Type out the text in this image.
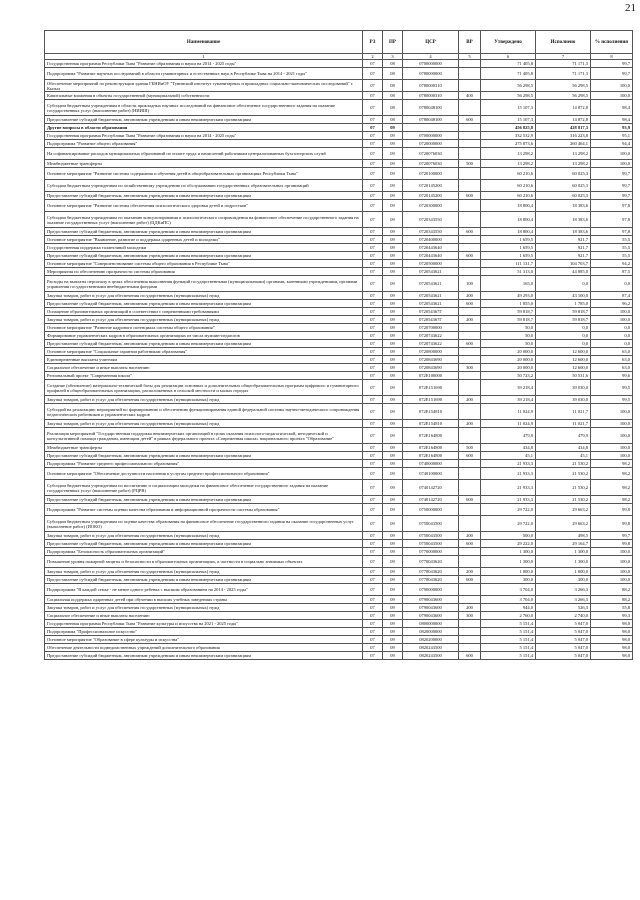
21
Наименование	РЗ	ПР	ЦСР	ВР	Утверждено	Исполнено	% исполнения
1	2	3	4	5	6	7	8
Государственная программа Республики Тыва "Развитие образования и науки на 2014 - 2025 годы"	07	08	0700000000		71 405,8	71 171,3	99,7
Подпрограмма "Развитие научных исследований в области гуманитарных и естественных наук в Республике Тыва на 2014 - 2021 годы"	07	08	0780000000		71 405,8	71 171,3	99,7
Обеспечение мероприятий по реконструкции здания ГБНИиОУ "Тувинский институт гуманитарных и прикладных социально-экономических исследований" г. Кызыл	07	08	0780000310		56 298,5	56 298,5	100,0
Капитальные вложения в объекты государственной (муниципальной) собственности	07	08	0780000310	400	56 298,5	56 298,5	100,0
Субсидии бюджетным учреждениям в области прикладных научных исследований на финансовое обеспечение государственного задания на оказание государственных услуг (выполнение работ) (НИИШ)	07	08	0780048100		15 107,3	14 872,8	98,4
Предоставление субсидий бюджетным, автономным учреждениям и иным некоммерческим организациям	07	08	0780048100	600	15 107,3	14 872,8	98,4
Другие вопросы в области образования	07	09			456 825,8	428 817,3	93,9
Государственная программа Республики Тыва "Развитие образования и науки на 2014 - 2025 годы"	07	09	0700000000		332 532,9	316 223,8	95,1
Подпрограмма "Развитие общего образования"	07	09	0720000000		275 873,6	260 464,1	94,4
На софинансирование расходов муниципальных образований по оплате труда и начислений работникам централизованных бухгалтерских служб	07	09	0720076030		13 298,2	13 298,2	100,0
Межбюджетные трансферты	07	09	0720076030	500	13 298,2	13 298,2	100,0
Основное мероприятие "Развитие системы содержания и обучения детей в общеобразовательных организациях Республики Тыва"	07	09	0720100000		60 210,6	60 025,3	99,7
Субсидии бюджетным учреждениям по хозяйственному учреждению по обслуживанию государственных образовательных организаций	07	09	0720145200		60 210,6	60 025,3	99,7
Предоставление субсидий бюджетным, автономным учреждениям и иным некоммерческим организациям	07	09	0720145200	600	60 210,6	60 025,3	99,7
Основное мероприятие "Развитие системы обеспечения психологического здоровья детей и подростков"	07	09	0720300000		18 800,4	18 383,6	97,8
Субсидии бюджетным учреждениям по оказанию консультирования и психологического сопровождения на финансовое обеспечение государственного задания на оказание государственных услуг (выполнение работ) (ЦДКиПС)	07	09	0720343550		18 800,4	18 383,6	97,8
Предоставление субсидий бюджетным, автономным учреждениям и иным некоммерческим организациям	07	09	0720343550	600	18 800,4	18 383,6	97,8
Основное мероприятие "Выявление, развитие и поддержка одаренных детей и молодежи"	07	09	0720400000		1 659,5	921,7	55,5
Государственная поддержка талантливой молодежи	07	09	0720443640		1 659,5	921,7	55,5
Предоставление субсидий бюджетным, автономным учреждениям и иным некоммерческим организациям	07	09	0720443640	600	1 659,5	921,7	55,5
Основное мероприятие "Совершенствование системы общего образования в Республике Тыва"	07	09	0720500000		111 131,7	104 703,7	94,2
Мероприятия по обеспечению прозрачности системы образования	07	09	0720543621		51 313,0	44 885,0	87,5
Расходы на выплаты персоналу в целях обеспечения выполнения функций государственными (муниципальными) органами, казенными учреждениями, органами управления государственными внебюджетными фондами	07	09	0720543621	100	165,0	0,0	0,0
Закупка товаров, работ и услуг для обеспечения государственных (муниципальных) нужд	07	09	0720543621	200	49 293,0	43 100,0	87,4
Предоставление субсидий бюджетным, автономным учреждениям и иным некоммерческим организациям	07	09	0720543621	600	1 855,0	1 785,0	96,2
Оснащение образовательных организаций в соответствии с современными требованиями	07	09	072054367Г		59 818,7	59 818,7	100,0
Закупка товаров, работ и услуг для обеспечения государственных (муниципальных) нужд	07	09	072054367Г	200	59 818,7	59 818,7	100,0
Основное мероприятие "Развитие кадрового потенциала системы общего образования"	07	09	0720700000		50,0	0,0	0,0
Формирование управленческих кадров в образовательных организациях из числа мужчин-педагогов	07	09	0720743622		50,0	0,0	0,0
Предоставление субсидий бюджетным, автономным учреждениям и иным некоммерческим организациям	07	09	0720743622	600	50,0	0,0	0,0
Основное мероприятие "Социальные гарантии работникам образования"	07	09	0720800000		20 000,0	12 600,0	63,0
Единовременные выплаты учителям	07	09	0720843690		20 000,0	12 600,0	63,0
Социальное обеспечение и иные выплаты населению	07	09	0720843690	300	20 000,0	12 600,0	63,0
Региональный проект "Современная школа"	07	09	072Е100000		50 723,2	50 531,6	99,6
Создание (обновление) материально-технической базы для реализации основных и дополнительных общеобразовательных программ цифрового и гуманитарного профилей в общеобразовательных организациях, расположенных в сельской местности и малых городах	07	09	072Е151690		39 218,4	39 030,0	99,5
Закупка товаров, работ и услуг для обеспечения государственных (муниципальных) нужд	07	09	072Е151690	200	39 218,4	39 030,0	99,5
Субсидий на реализацию мероприятий по формированию и обеспечению функционирования единой федеральной системы научно-методического сопровождения педагогических работников и управленческих кадров	07	09	072Е154810		11 024,9	11 021,7	100,0
Закупка товаров, работ и услуг для обеспечения государственных (муниципальных) нужд	07	09	072Е154810	200	11 024,9	11 021,7	100,0
Реализация мероприятий "Государственная поддержка некоммерческих организаций в целях оказания психолого-педагогической, методической и консультативной помощи гражданам, имеющим детей" в рамках федерального проекта «Современная школа» национального проекта "Образование"	07	09	072Е164800		479,9	479,9	100,0
Межбюджетные трансферты	07	09	072Е164800	500	434,8	434,8	100,0
Предоставление субсидий бюджетным, автономным учреждениям и иным некоммерческим организациям	07	09	072Е164800	600	45,1	45,1	100,0
Подпрограмма "Развитие среднего профессионального образования"	07	09	0740000000		21 933,3	21 530,2	98,2
Основное мероприятие "Обеспечение доступности населения к услугам среднего профессионального образования"	07	09	0740100000		21 933,3	21 530,2	98,2
Субсидии бюджетным учреждениям по воспитанию и социализации молодежи на финансовое обеспечение государственного задания на оказание государственных услуг (выполнение работ) (РЦРВ)	07	09	0740142720		21 933,3	21 530,2	98,2
Предоставление субсидий бюджетным, автономным учреждениям и иным некоммерческим организациям	07	09	0740142720	600	21 933,3	21 530,2	98,2
Подпрограмма "Развитие системы оценки качества образования и информационной прозрачности системы образования"	07	09	0750000000		29 722,0	29 663,2	99,8
Субсидии бюджетным учреждениям по оценке качества образования на финансовое обеспечение государственного задания на оказание государственных услуг (выполнение работ) (ИОКО)	07	09	0750043500		29 722,0	29 663,2	99,8
Закупка товаров, работ и услуг для обеспечения государственных (муниципальных) нужд	07	09	0750043500	200	500,0	498,5	99,7
Предоставление субсидий бюджетным, автономным учреждениям и иным некоммерческим организациям	07	09	0750043500	600	29 222,0	29 164,7	99,8
Подпрограмма "Безопасность образовательных организаций"	07	09	0770000000		1 300,0	1 300,0	100,0
Повышение уровня пожарной защиты и безопасности в образовательных организациях, в частности в социально значимых объектах	07	09	0770043620		1 300,0	1 300,0	100,0
Закупка товаров, работ и услуг для обеспечения государственных (муниципальных) нужд	07	09	0770043620	200	1 000,0	1 000,0	100,0
Предоставление субсидий бюджетным, автономным учреждениям и иным некоммерческим организациям	07	09	0770043620	600	300,0	300,0	100,0
Подпрограмма "В каждой семье - не менее одного ребенка с высшим образованием на 2014 - 2025 годы"	07	09	0790000000		3 704,0	3 266,3	88,2
Социальная поддержка одаренных детей при обучении в высших учебных заведениях страны	07	09	0790043600		3 704,0	3 266,3	88,2
Закупка товаров, работ и услуг для обеспечения государственных (муниципальных) нужд	07	09	0790043600	200	944,0	526,3	55,8
Социальное обеспечение и иные выплаты населению	07	09	0790043600	300	2 760,0	2 740,0	99,3
Государственная программа Республики Тыва "Развитие культуры и искусства на 2021 - 2025 годы"	07	09	0800000000		5 151,4	5 047,0	98,0
Подпрограмма "Профессиональное искусство"	07	09	0820000000		5 151,4	5 047,0	98,0
Основное мероприятие "Образование в сфере культуры и искусства"	07	09	0820200000		5 151,4	5 047,0	98,0
Обеспечение деятельности подведомственных учреждений дополнительного образования	07	09	0820243500		5 151,4	5 047,0	98,0
Предоставление субсидий бюджетным, автономным учреждениям и иным некоммерческим организациям	07	09	0820243500	600	5 151,4	5 047,0	98,0
